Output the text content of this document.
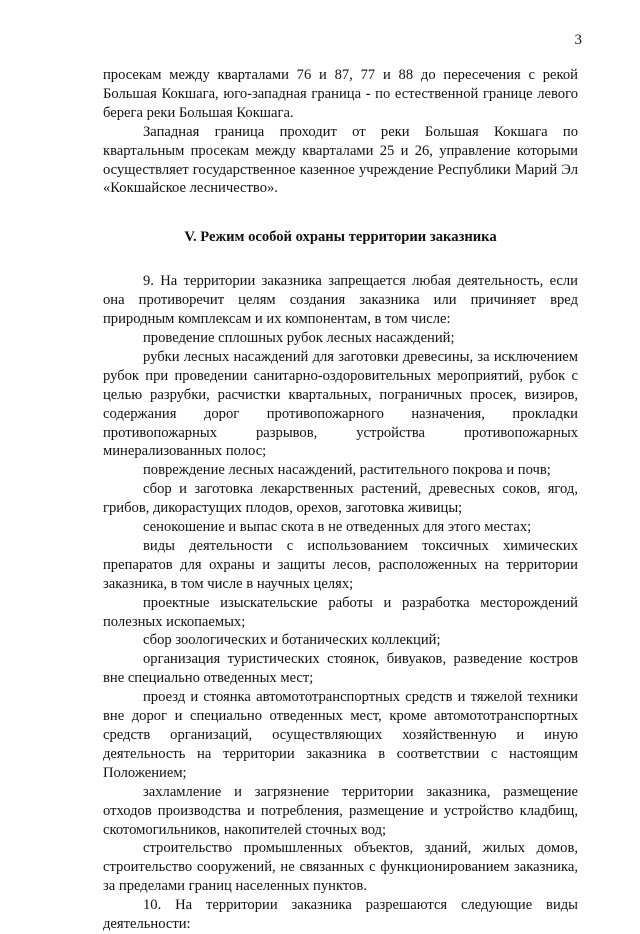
3

просекам между кварталами 76 и 87, 77 и 88 до пересечения с рекой Большая Кокшага, юго-западная граница - по естественной границе левого берега реки Большая Кокшага.

Западная граница проходит от реки Большая Кокшага по квартальным просекам между кварталами 25 и 26, управление которыми осуществляет государственное казенное учреждение Республики Марий Эл «Кокшайское лесничество».

V. Режим особой охраны территории заказника

9. На территории заказника запрещается любая деятельность, если она противоречит целям создания заказника или причиняет вред природным комплексам и их компонентам, в том числе:

проведение сплошных рубок лесных насаждений;

рубки лесных насаждений для заготовки древесины, за исключением рубок при проведении санитарно-оздоровительных мероприятий, рубок с целью разрубки, расчистки квартальных, пограничных просек, визиров, содержания дорог противопожарного назначения, прокладки противопожарных разрывов, устройства противопожарных минерализованных полос;

повреждение лесных насаждений, растительного покрова и почв;

сбор и заготовка лекарственных растений, древесных соков, ягод, грибов, дикорастущих плодов, орехов, заготовка живицы;

сенокошение и выпас скота в не отведенных для этого местах;

виды деятельности с использованием токсичных химических препаратов для охраны и защиты лесов, расположенных на территории заказника, в том числе в научных целях;

проектные изыскательские работы и разработка месторождений полезных ископаемых;

сбор зоологических и ботанических коллекций;

организация туристических стоянок, бивуаков, разведение костров вне специально отведенных мест;

проезд и стоянка автомототранспортных средств и тяжелой техники вне дорог и специально отведенных мест, кроме автомототранспортных средств организаций, осуществляющих хозяйственную и иную деятельность на территории заказника в соответствии с настоящим Положением;

захламление и загрязнение территории заказника, размещение отходов производства и потребления, размещение и устройство кладбищ, скотомогильников, накопителей сточных вод;

строительство промышленных объектов, зданий, жилых домов, строительство сооружений, не связанных с функционированием заказника, за пределами границ населенных пунктов.

10. На территории заказника разрешаются следующие виды деятельности:
